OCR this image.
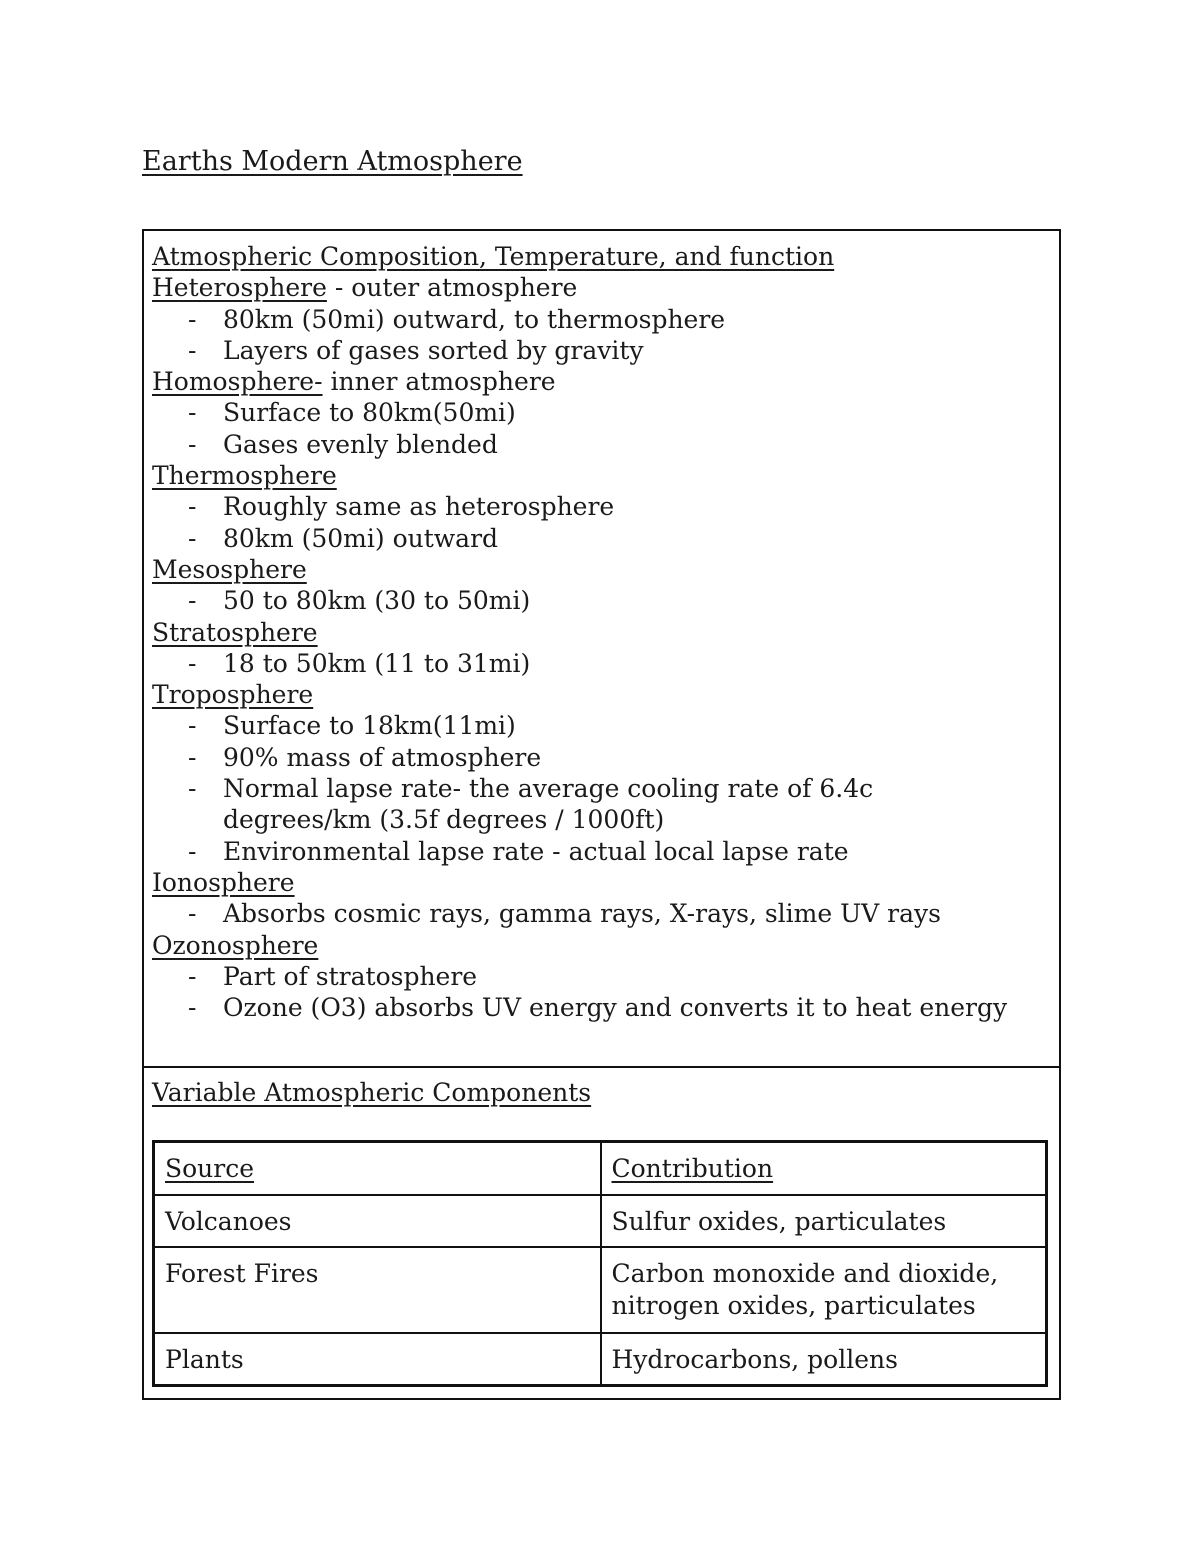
Earths Modern Atmosphere
Atmospheric Composition, Temperature, and function
Heterosphere - outer atmosphere
- 80km (50mi) outward, to thermosphere
- Layers of gases sorted by gravity
Homosphere- inner atmosphere
- Surface to 80km(50mi)
- Gases evenly blended
Thermosphere
- Roughly same as heterosphere
- 80km (50mi) outward
Mesosphere
- 50 to 80km (30 to 50mi)
Stratosphere
- 18 to 50km (11 to 31mi)
Troposphere
- Surface to 18km(11mi)
- 90% mass of atmosphere
- Normal lapse rate- the average cooling rate of 6.4c
degrees/km (3.5f degrees / 1000ft)
- Environmental lapse rate - actual local lapse rate
Ionosphere
- Absorbs cosmic rays, gamma rays, X-rays, slime UV rays
Ozonosphere
- Part of stratosphere
- Ozone (O3) absorbs UV energy and converts it to heat energy
Variable Atmospheric Components
Source	Contribution
Volcanoes	Sulfur oxides, particulates
Forest Fires	Carbon monoxide and dioxide, nitrogen oxides, particulates
Plants	Hydrocarbons, pollens
